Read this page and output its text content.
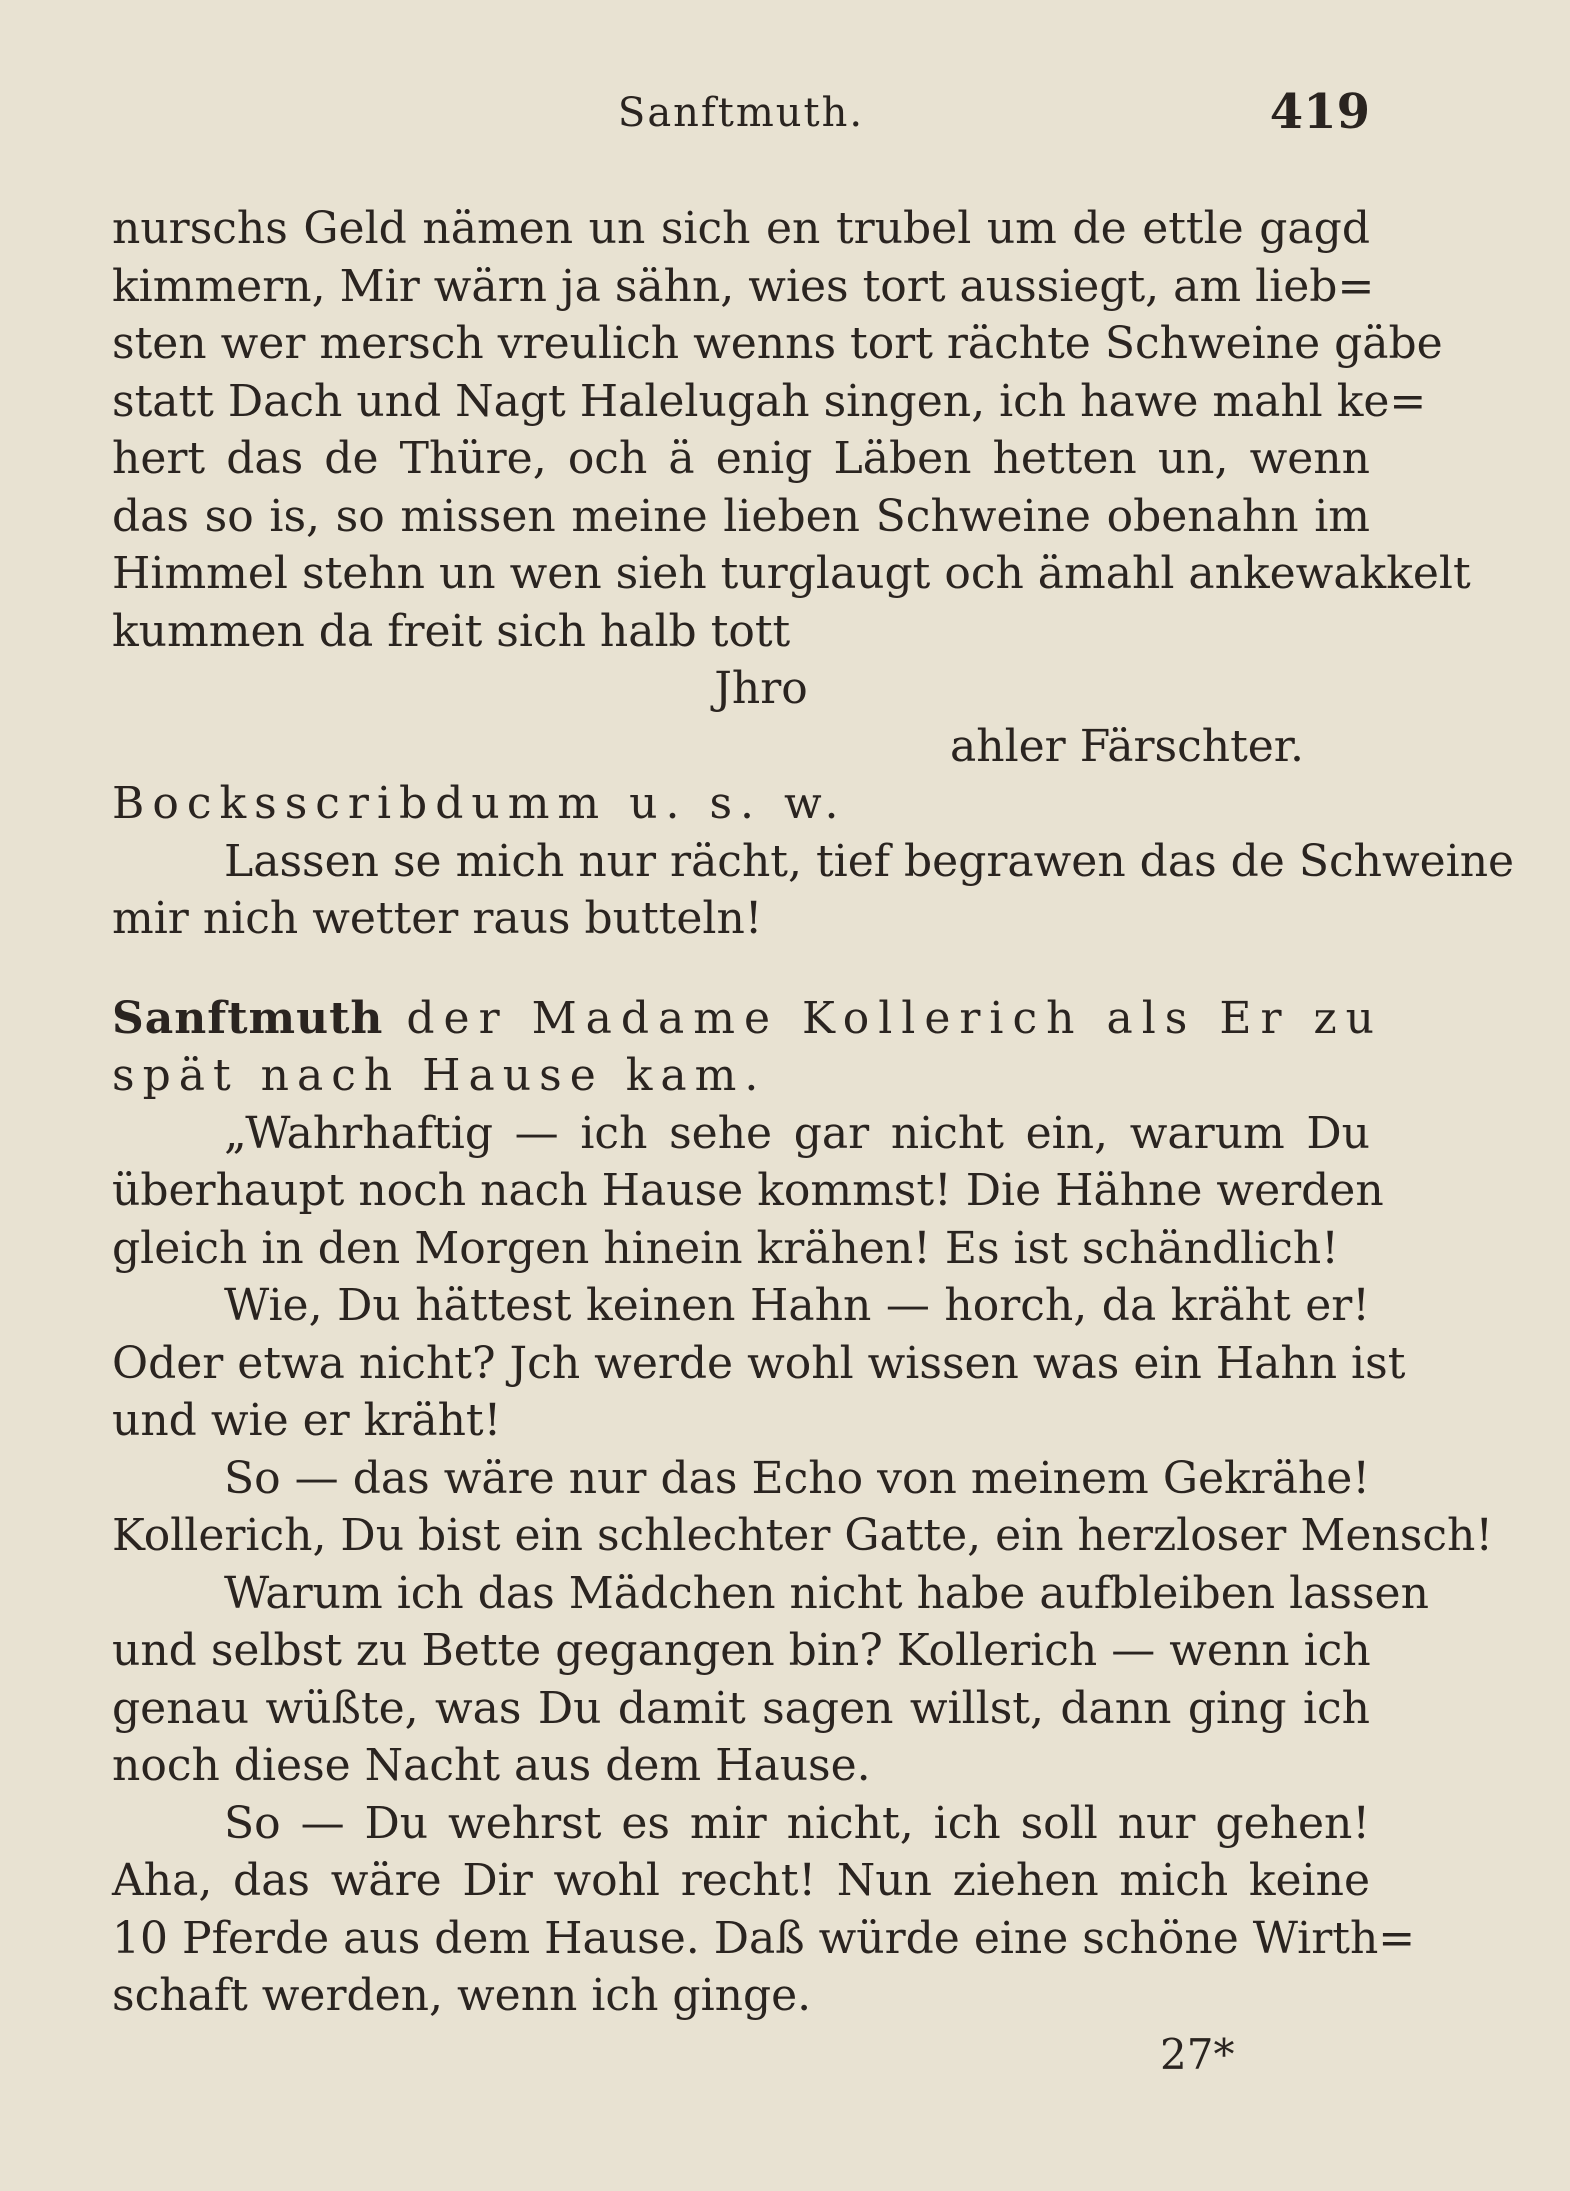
Sanftmuth.	419
nurschs Geld nämen un sich en trubel um de ettle gagd
kimmern, Mir wärn ja sähn, wies tort aussiegt, am lieb=
sten wer mersch vreulich wenns tort rächte Schweine gäbe
statt Dach und Nagt Halelugah singen, ich hawe mahl ke=
hert das de Thüre, och ä enig Läben hetten un, wenn
das so is, so missen meine lieben Schweine obenahn im
Himmel stehn un wen sieh turglaugt och ämahl ankewakkelt
kummen da freit sich halb tott
Jhro
ahler Färschter.
Bocksscribdumm u. s. w.
Lassen se mich nur rächt, tief begrawen das de Schweine
mir nich wetter raus butteln!
Sanftmuth der Madame Kollerich als Er zu
spät nach Hause kam.
„Wahrhaftig — ich sehe gar nicht ein, warum Du
überhaupt noch nach Hause kommst! Die Hähne werden
gleich in den Morgen hinein krähen! Es ist schändlich!
Wie, Du hättest keinen Hahn — horch, da kräht er!
Oder etwa nicht? Jch werde wohl wissen was ein Hahn ist
und wie er kräht!
So — das wäre nur das Echo von meinem Gekrähe!
Kollerich, Du bist ein schlechter Gatte, ein herzloser Mensch!
Warum ich das Mädchen nicht habe aufbleiben lassen
und selbst zu Bette gegangen bin? Kollerich — wenn ich
genau wüßte, was Du damit sagen willst, dann ging ich
noch diese Nacht aus dem Hause.
So — Du wehrst es mir nicht, ich soll nur gehen!
Aha, das wäre Dir wohl recht! Nun ziehen mich keine
10 Pferde aus dem Hause. Daß würde eine schöne Wirth=
schaft werden, wenn ich ginge.
27*
